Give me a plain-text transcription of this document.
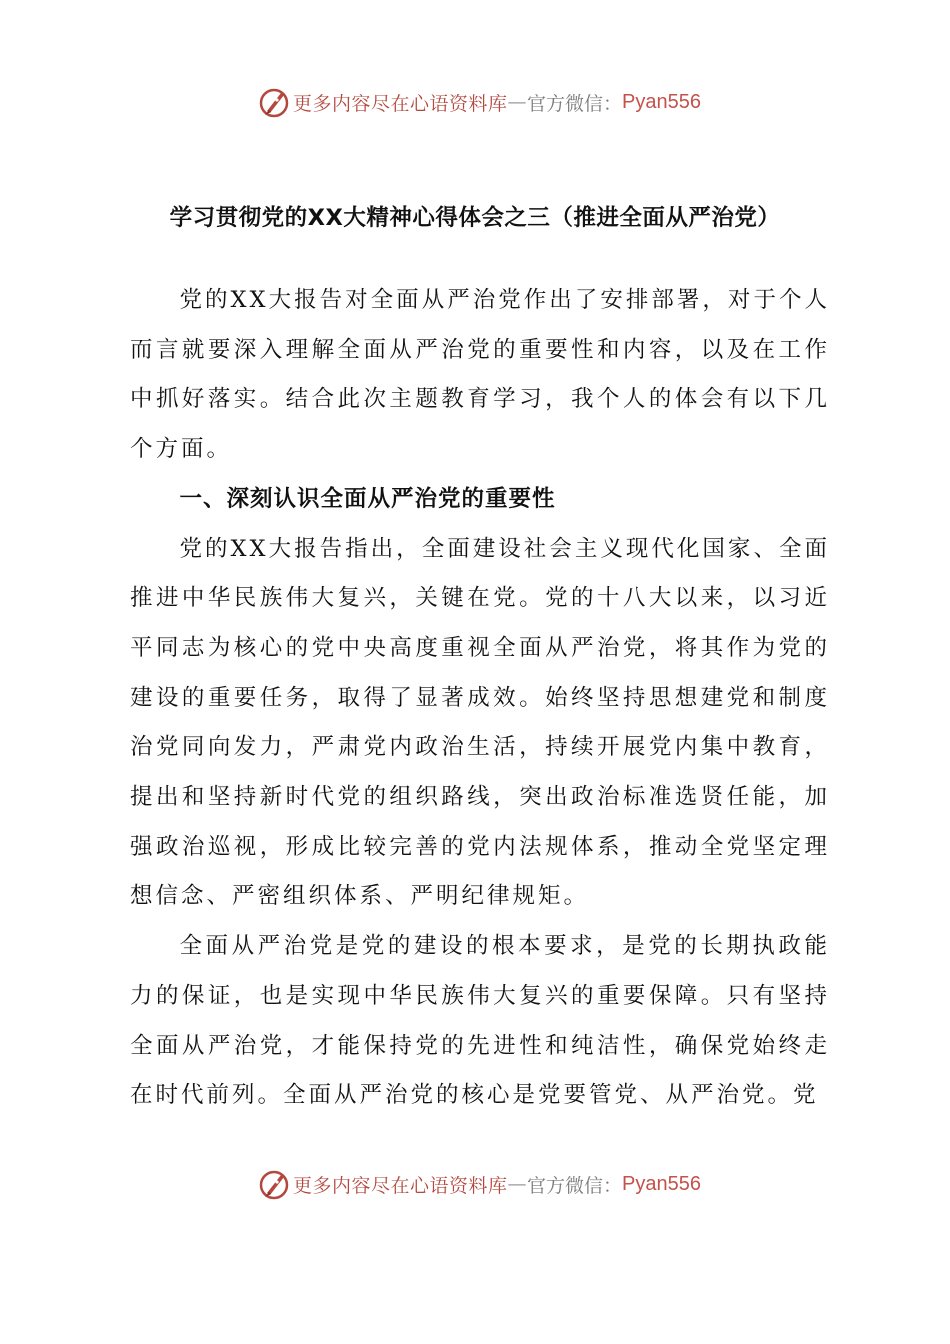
更多内容尽在心语资料库 — 官方微信： Pyan556
学习贯彻党的XX大精神心得体会之三（推进全面从严治党）

党的XX大报告对全面从严治党作出了安排部署，对于个人而言就要深入理解全面从严治党的重要性和内容，以及在工作中抓好落实。结合此次主题教育学习，我个人的体会有以下几个方面。

一、深刻认识全面从严治党的重要性

党的XX大报告指出，全面建设社会主义现代化国家、全面推进中华民族伟大复兴，关键在党。党的十八大以来，以习近平同志为核心的党中央高度重视全面从严治党，将其作为党的建设的重要任务，取得了显著成效。始终坚持思想建党和制度治党同向发力，严肃党内政治生活，持续开展党内集中教育，提出和坚持新时代党的组织路线，突出政治标准选贤任能，加强政治巡视，形成比较完善的党内法规体系，推动全党坚定理想信念、严密组织体系、严明纪律规矩。

全面从严治党是党的建设的根本要求，是党的长期执政能力的保证，也是实现中华民族伟大复兴的重要保障。只有坚持全面从严治党，才能保持党的先进性和纯洁性，确保党始终走在时代前列。全面从严治党的核心是党要管党、从严治党。党

更多内容尽在心语资料库 — 官方微信： Pyan556
